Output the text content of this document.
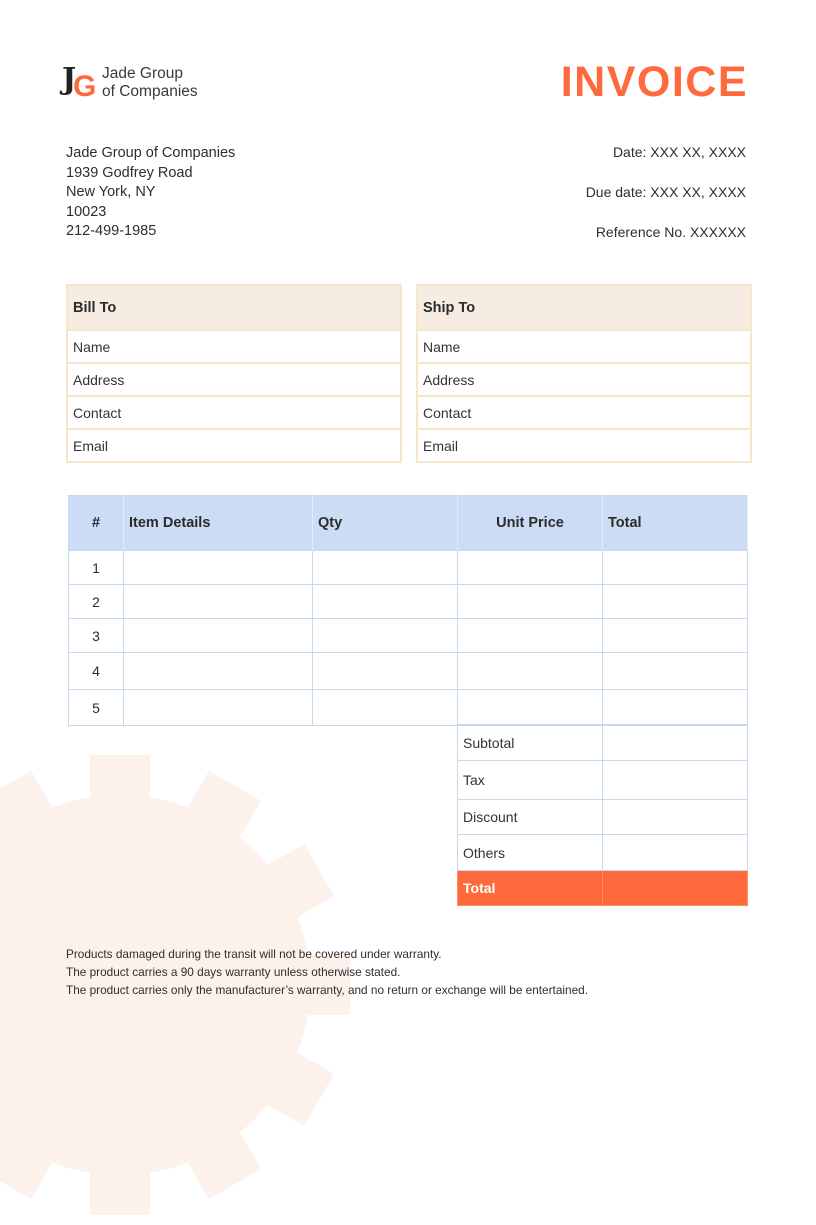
J
G Jade Group
of Companies	INVOICE
Jade Group of Companies
1939 Godfrey Road
New York, NY
10023
212-499-1985
Date: XXX XX, XXXX
Due date: XXX XX, XXXX
Reference No. XXXXXX
Bill To
Name
Address
Contact
Email
Ship To
Name
Address
Contact
Email
#	Item Details	Qty	Unit Price	Total
1				
2				
3				
4				
5				
Subtotal	
Tax	
Discount	
Others	
Total	
Products damaged during the transit will not be covered under warranty.
The product carries a 90 days warranty unless otherwise stated.
The product carries only the manufacturer’s warranty, and no return or exchange will be entertained.
